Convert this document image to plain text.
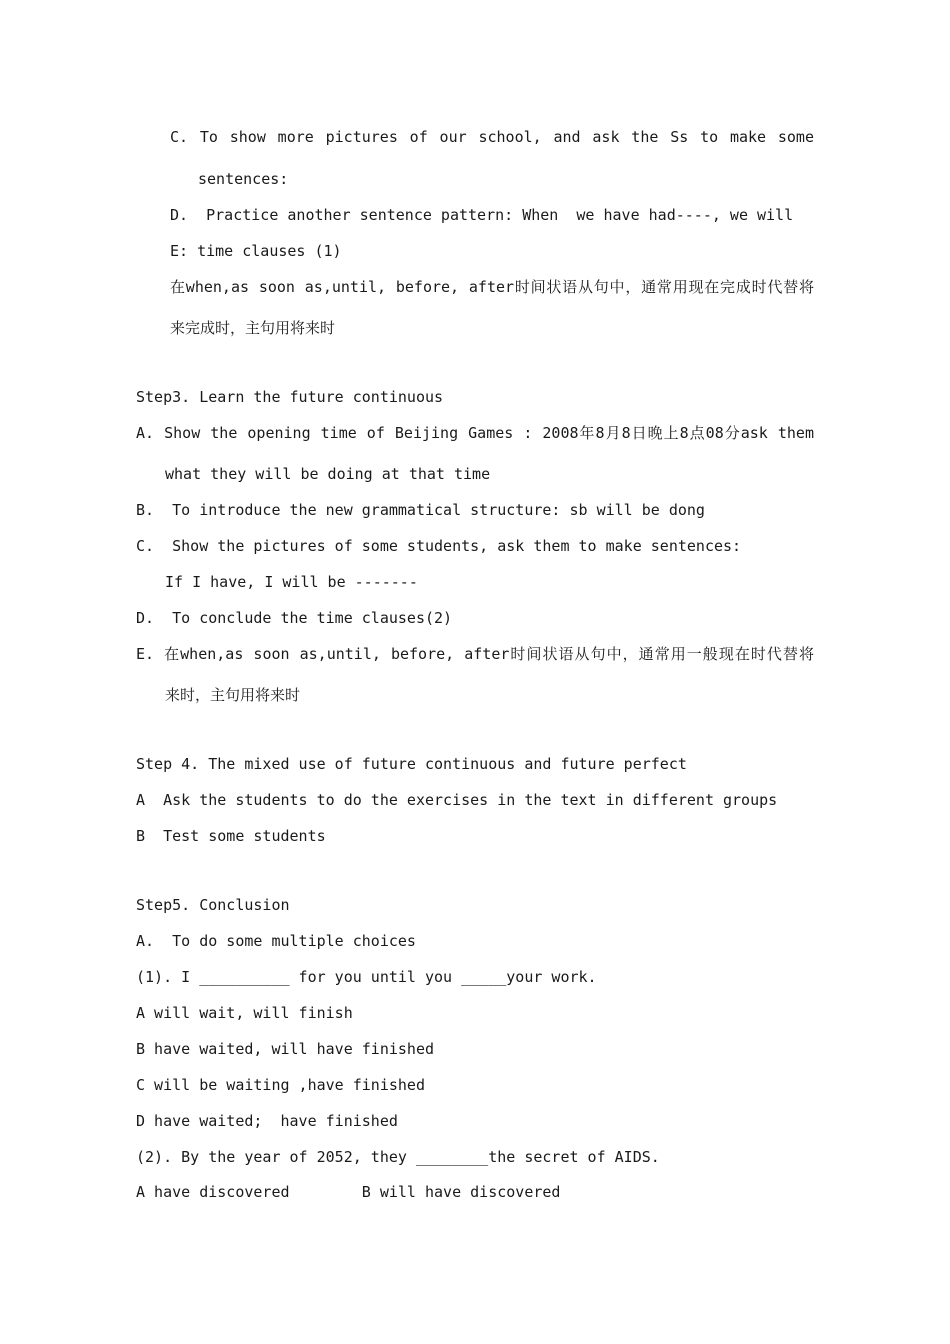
C. To show more pictures of our school, and ask the Ss to make some
sentences:
D.  Practice another sentence pattern: When  we have had----, we will
E: time clauses (1)
在when,as soon as,until, before, after时间状语从句中，通常用现在完成时代替将
来完成时，主句用将来时
Step3. Learn the future continuous
A. Show the opening time of Beijing Games : 2008年8月8日晚上8点08分ask them
what they will be doing at that time
B.  To introduce the new grammatical structure: sb will be dong
C.  Show the pictures of some students, ask them to make sentences:
If I have, I will be -------
D.  To conclude the time clauses(2)
E. 在when,as soon as,until, before, after时间状语从句中，通常用一般现在时代替将
来时，主句用将来时
Step 4. The mixed use of future continuous and future perfect
A  Ask the students to do the exercises in the text in different groups
B  Test some students
Step5. Conclusion
A.  To do some multiple choices
(1). I __________ for you until you _____your work.
A will wait, will finish
B have waited, will have finished
C will be waiting ,have finished
D have waited;  have finished
(2). By the year of 2052, they ________the secret of AIDS.
A have discovered        B will have discovered
